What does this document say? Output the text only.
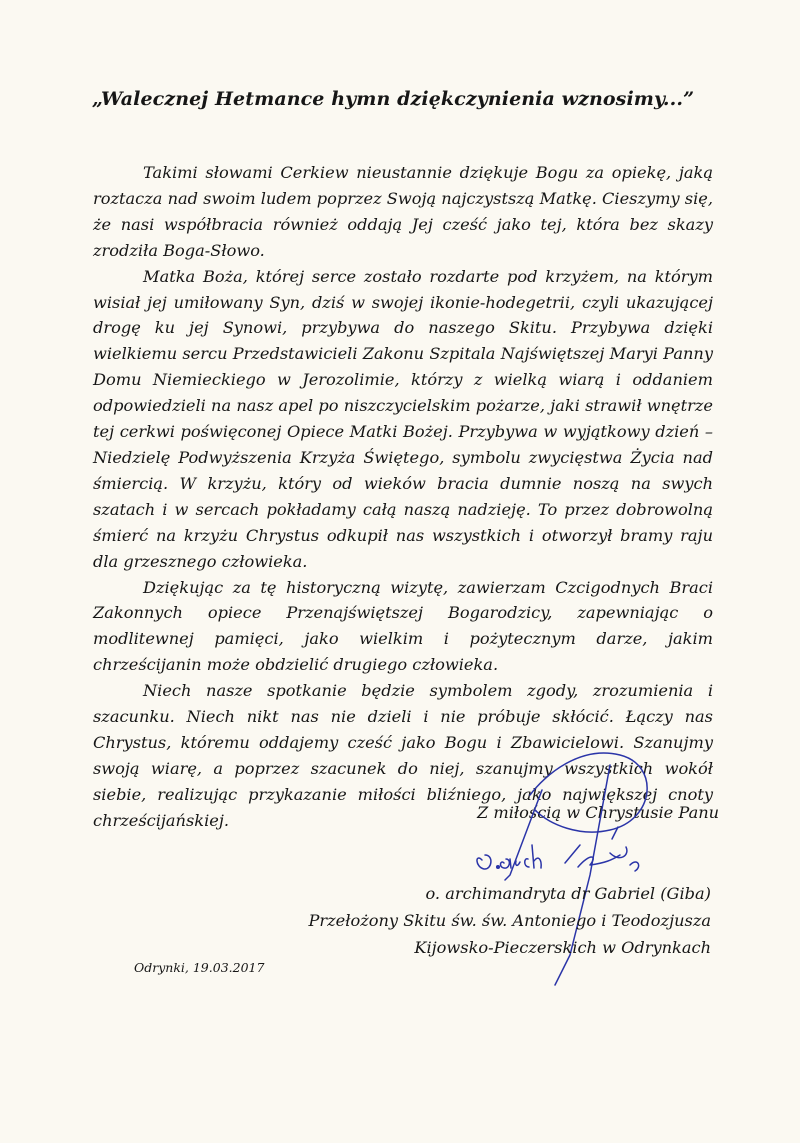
„Walecznej Hetmance hymn dziękczynienia wznosimy...”

Takimi słowami Cerkiew nieustannie dziękuje Bogu za opiekę, jaką roztacza nad swoim ludem poprzez Swoją najczystszą Matkę. Cieszymy się, że nasi współbracia również oddają Jej cześć jako tej, która bez skazy zrodziła Boga-Słowo.

Matka Boża, której serce zostało rozdarte pod krzyżem, na którym wisiał jej umiłowany Syn, dziś w swojej ikonie-hodegetrii, czyli ukazującej drogę ku jej Synowi, przybywa do naszego Skitu. Przybywa dzięki wielkiemu sercu Przedstawicieli Zakonu Szpitala Najświętszej Maryi Panny Domu Niemieckiego w Jerozolimie, którzy z wielką wiarą i oddaniem odpowiedzieli na nasz apel po niszczycielskim pożarze, jaki strawił wnętrze tej cerkwi poświęconej Opiece Matki Bożej. Przybywa w wyjątkowy dzień – Niedzielę Podwyższenia Krzyża Świętego, symbolu zwycięstwa Życia nad śmiercią. W krzyżu, który od wieków bracia dumnie noszą na swych szatach i w sercach pokładamy całą naszą nadzieję. To przez dobrowolną śmierć na krzyżu Chrystus odkupił nas wszystkich i otworzył bramy raju dla grzesznego człowieka.

Dziękując za tę historyczną wizytę, zawierzam Czcigodnych Braci Zakonnych opiece Przenajświętszej Bogarodzicy, zapewniając o modlitewnej pamięci, jako wielkim i pożytecznym darze, jakim chrześcijanin może obdzielić drugiego człowieka.

Niech nasze spotkanie będzie symbolem zgody, zrozumienia i szacunku. Niech nikt nas nie dzieli i nie próbuje skłócić. Łączy nas Chrystus, któremu oddajemy cześć jako Bogu i Zbawicielowi. Szanujmy swoją wiarę, a poprzez szacunek do niej, szanujmy wszystkich wokół siebie, realizując przykazanie miłości bliźniego, jako największej cnoty chrześcijańskiej.	Z miłością w Chrystusie Panu
o. archimandryta dr Gabriel (Giba)
Przełożony Skitu św. św. Antoniego i Teodozjusza
Kijowsko-Pieczerskich w Odrynkach
Odrynki, 19.03.2017
